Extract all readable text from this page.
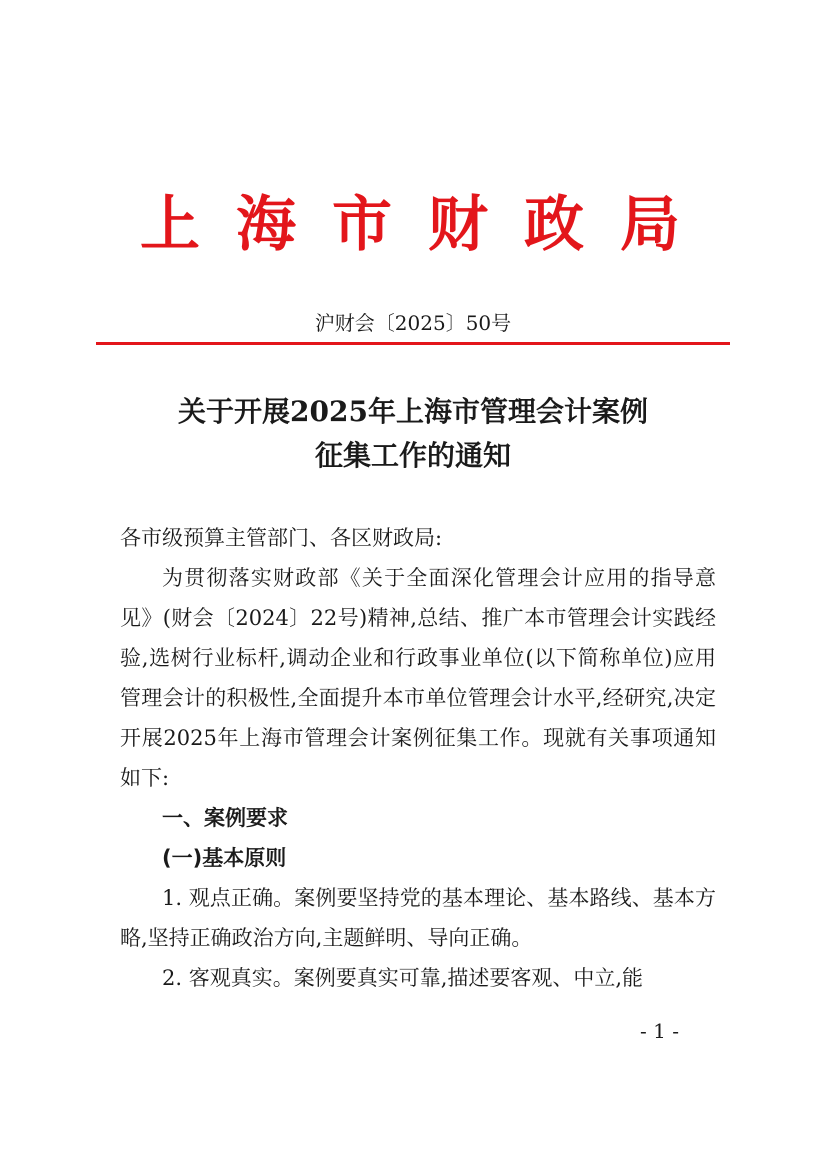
上海市财政局
沪财会〔2025〕50号
关于开展2025年上海市管理会计案例
征集工作的通知

各市级预算主管部门、各区财政局:

为贯彻落实财政部《关于全面深化管理会计应用的指导意见》(财会〔2024〕22号)精神,总结、推广本市管理会计实践经验,选树行业标杆,调动企业和行政事业单位(以下简称单位)应用管理会计的积极性,全面提升本市单位管理会计水平,经研究,决定开展2025年上海市管理会计案例征集工作。现就有关事项通知如下:

一、案例要求

(一)基本原则

1. 观点正确。案例要坚持党的基本理论、基本路线、基本方略,坚持正确政治方向,主题鲜明、导向正确。

2. 客观真实。案例要真实可靠,描述要客观、中立,能

- 1 -
